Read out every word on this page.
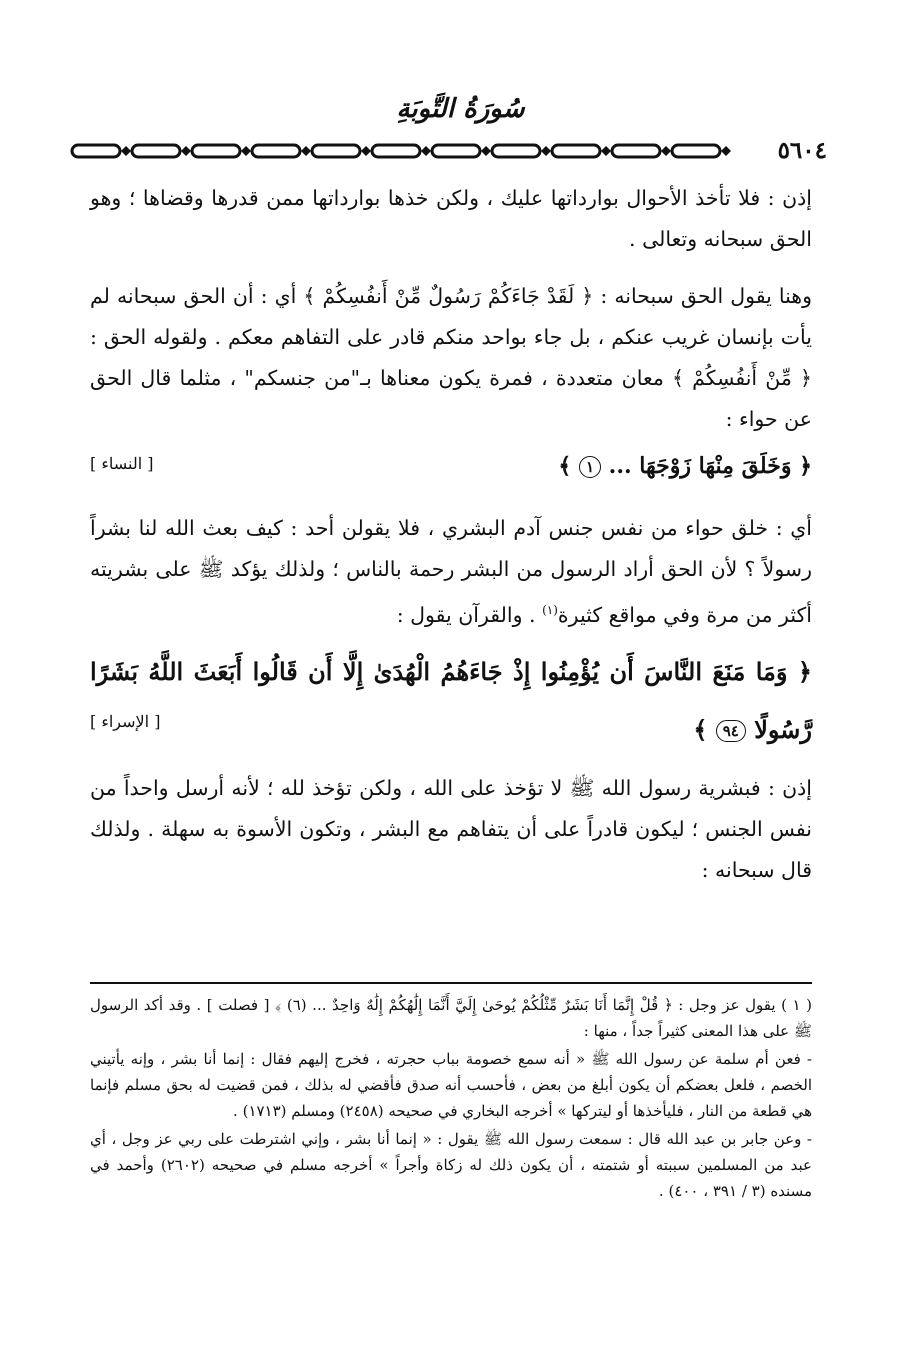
سُورَةُ التَّوبَةِ
٥٦٠٤

إذن : فلا تأخذ الأحوال بوارداتها عليك ، ولكن خذها بوارداتها ممن قدرها وقضاها ؛ وهو الحق سبحانه وتعالى .

وهنا يقول الحق سبحانه : ﴿ لَقَدْ جَاءَكُمْ رَسُولٌ مِّنْ أَنفُسِكُمْ ﴾ أي : أن الحق سبحانه لم يأت بإنسان غريب عنكم ، بل جاء بواحد منكم قادر على التفاهم معكم . ولقوله الحق : ﴿ مِّنْ أَنفُسِكُمْ ﴾ معان متعددة ، فمرة يكون معناها بـ"من جنسكم" ، مثلما قال الحق عن حواء :

﴿ وَخَلَقَ مِنْهَا زَوْجَهَا ... ١ ﴾
[ النساء ]

أي : خلق حواء من نفس جنس آدم البشري ، فلا يقولن أحد : كيف بعث الله لنا بشراً رسولاً ؟ لأن الحق أراد الرسول من البشر رحمة بالناس ؛ ولذلك يؤكد ﷺ على بشريته أكثر من مرة وفي مواقع كثيرة$^{(١)}$ . والقرآن يقول :

﴿ وَمَا مَنَعَ النَّاسَ أَن يُؤْمِنُوا إِذْ جَاءَهُمُ الْهُدَىٰ إِلَّا أَن قَالُوا أَبَعَثَ اللَّهُ بَشَرًا
رَّسُولًا ٩٤ ﴾
[ الإسراء ]

إذن : فبشرية رسول الله ﷺ لا تؤخذ على الله ، ولكن تؤخذ لله ؛ لأنه أرسل واحداً من نفس الجنس ؛ ليكون قادراً على أن يتفاهم مع البشر ، وتكون الأسوة به سهلة . ولذلك قال سبحانه :

( ١ ) يقول عز وجل : ﴿ قُلْ إِنَّمَا أَنَا بَشَرٌ مِّثْلُكُمْ يُوحَىٰ إِلَيَّ أَنَّمَا إِلَٰهُكُمْ إِلَٰهٌ وَاحِدٌ ... (٦) ﴾ [ فصلت ] . وقد أكد الرسول ﷺ على هذا المعنى كثيراً جداً ، منها :

- فعن أم سلمة عن رسول الله ﷺ « أنه سمع خصومة بباب حجرته ، فخرج إليهم فقال : إنما أنا بشر ، وإنه يأتيني الخصم ، فلعل بعضكم أن يكون أبلغ من بعض ، فأحسب أنه صدق فأقضي له بذلك ، فمن قضيت له بحق مسلم فإنما هي قطعة من النار ، فليأخذها أو ليتركها » أخرجه البخاري في صحيحه (٢٤٥٨) ومسلم (١٧١٣) .

- وعن جابر بن عبد الله قال : سمعت رسول الله ﷺ يقول : « إنما أنا بشر ، وإني اشترطت على ربي عز وجل ، أي عبد من المسلمين سببته أو شتمته ، أن يكون ذلك له زكاة وأجراً » أخرجه مسلم في صحيحه (٢٦٠٢) وأحمد في مسنده (٣ / ٣٩١ ، ٤٠٠) .
